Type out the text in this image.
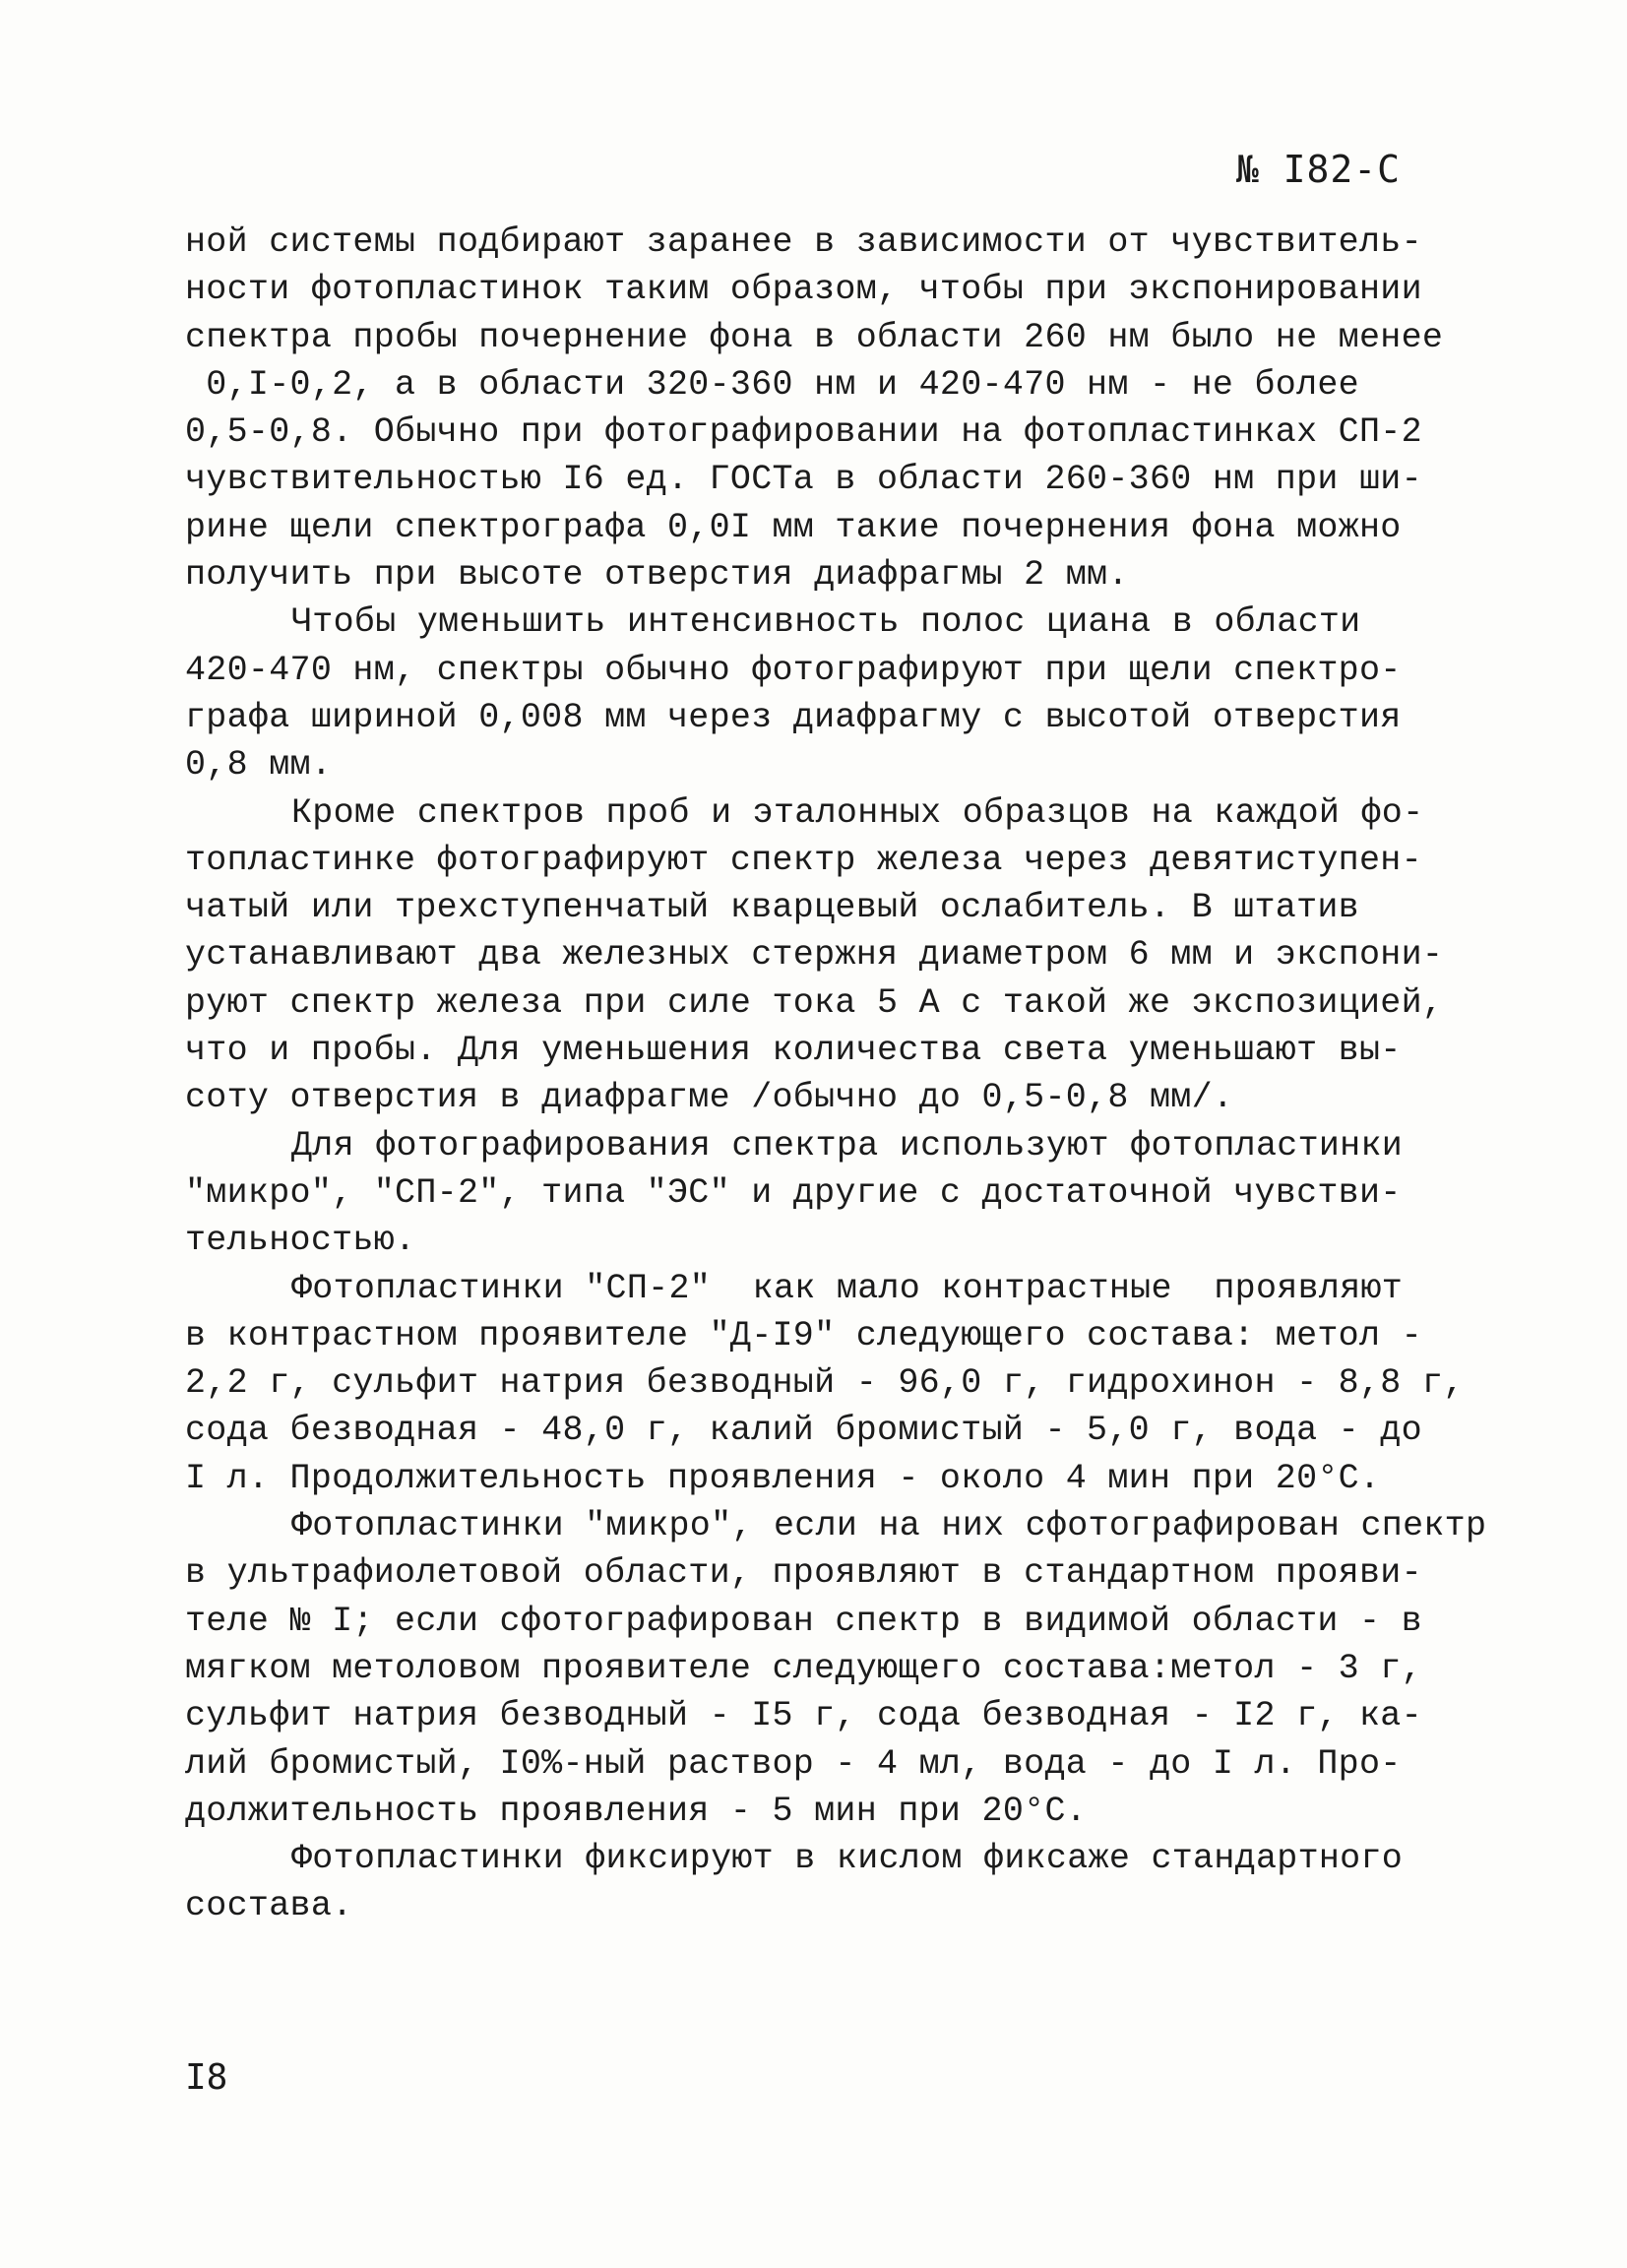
№ I82-С
ной системы подбирают заранее в зависимости от чувствитель-
ности фотопластинок таким образом, чтобы при экспонировании
спектра пробы почернение фона в области 260 нм было не менее
0,I-0,2, а в области 320-360 нм и 420-470 нм - не более
0,5-0,8. Обычно при фотографировании на фотопластинках СП-2
чувствительностью I6 ед. ГОСТа в области 260-360 нм при ши-
рине щели спектрографа 0,0I мм такие почернения фона можно
получить при высоте отверстия диафрагмы 2 мм.
Чтобы уменьшить интенсивность полос циана в области
420-470 нм, спектры обычно фотографируют при щели спектро-
графа шириной 0,008 мм через диафрагму с высотой отверстия
0,8 мм.
Кроме спектров проб и эталонных образцов на каждой фо-
топластинке фотографируют спектр железа через девятиступен-
чатый или трехступенчатый кварцевый ослабитель. В штатив
устанавливают два железных стержня диаметром 6 мм и экспони-
руют спектр железа при силе тока 5 А с такой же экспозицией,
что и пробы. Для уменьшения количества света уменьшают вы-
соту отверстия в диафрагме /обычно до 0,5-0,8 мм/.
Для фотографирования спектра используют фотопластинки
"микро", "СП-2", типа "ЭС" и другие с достаточной чувстви-
тельностью.
Фотопластинки "СП-2"  как мало контрастные  проявляют
в контрастном проявителе "Д-I9" следующего состава: метол -
2,2 г, сульфит натрия безводный - 96,0 г, гидрохинон - 8,8 г,
сода безводная - 48,0 г, калий бромистый - 5,0 г, вода - до
I л. Продолжительность проявления - около 4 мин при 20°С.
Фотопластинки "микро", если на них сфотографирован спектр
в ультрафиолетовой области, проявляют в стандартном прояви-
теле № I; если сфотографирован спектр в видимой области - в
мягком метоловом проявителе следующего состава:метол - 3 г,
сульфит натрия безводный - I5 г, сода безводная - I2 г, ка-
лий бромистый, I0%-ный раствор - 4 мл, вода - до I л. Про-
должительность проявления - 5 мин при 20°С.
Фотопластинки фиксируют в кислом фиксаже стандартного
состава.
I8
